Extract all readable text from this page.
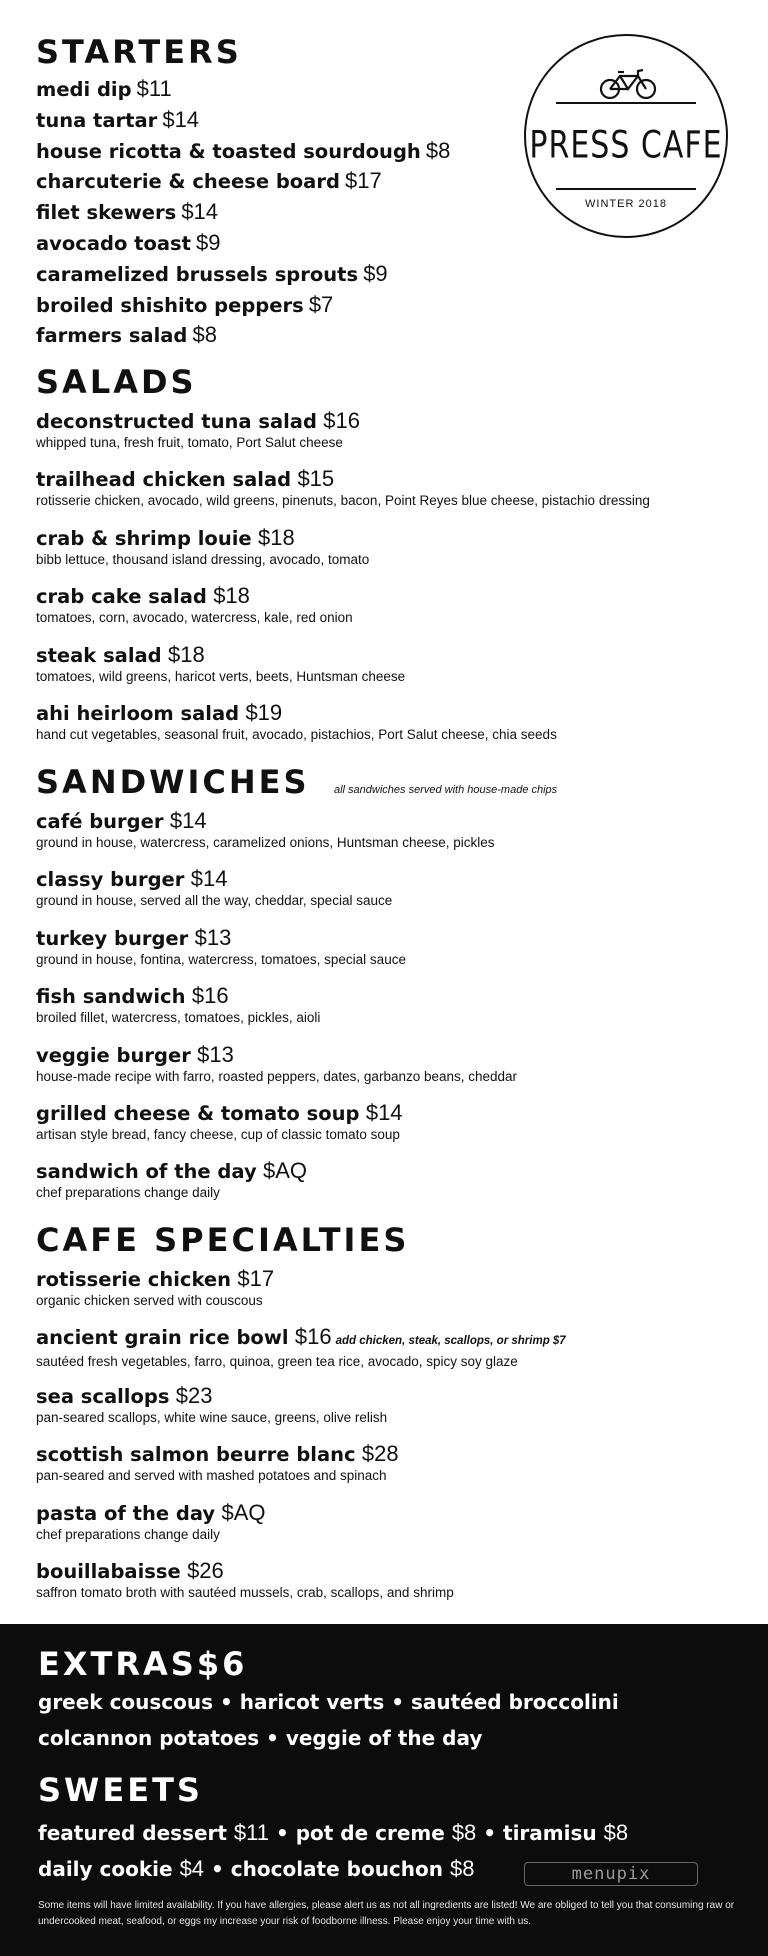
STARTERS
medi dip $11
tuna tartar $14
house ricotta & toasted sourdough $8
charcuterie & cheese board $17
filet skewers $14
avocado toast $9
caramelized brussels sprouts $9
broiled shishito peppers $7
farmers salad $8
PRESS CAFE
WINTER 2018
SALADS
deconstructed tuna salad $16
whipped tuna, fresh fruit, tomato, Port Salut cheese
trailhead chicken salad $15
rotisserie chicken, avocado, wild greens, pinenuts, bacon, Point Reyes blue cheese, pistachio dressing
crab & shrimp louie $18
bibb lettuce, thousand island dressing, avocado, tomato
crab cake salad $18
tomatoes, corn, avocado, watercress, kale, red onion
steak salad $18
tomatoes, wild greens, haricot verts, beets, Huntsman cheese
ahi heirloom salad $19
hand cut vegetables, seasonal fruit, avocado, pistachios, Port Salut cheese, chia seeds
SANDWICHES all sandwiches served with house-made chips
café burger $14
ground in house, watercress, caramelized onions, Huntsman cheese, pickles
classy burger $14
ground in house, served all the way, cheddar, special sauce
turkey burger $13
ground in house, fontina, watercress, tomatoes, special sauce
fish sandwich $16
broiled fillet, watercress, tomatoes, pickles, aioli
veggie burger $13
house-made recipe with farro, roasted peppers, dates, garbanzo beans, cheddar
grilled cheese & tomato soup $14
artisan style bread, fancy cheese, cup of classic tomato soup
sandwich of the day $AQ
chef preparations change daily
CAFE SPECIALTIES
rotisserie chicken $17
organic chicken served with couscous
ancient grain rice bowl $16 add chicken, steak, scallops, or shrimp $7
sautéed fresh vegetables, farro, quinoa, green tea rice, avocado, spicy soy glaze
sea scallops $23
pan-seared scallops, white wine sauce, greens, olive relish
scottish salmon beurre blanc $28
pan-seared and served with mashed potatoes and spinach
pasta of the day $AQ
chef preparations change daily
bouillabaisse $26
saffron tomato broth with sautéed mussels, crab, scallops, and shrimp
EXTRAS$6
greek couscous • haricot verts • sautéed broccolini
colcannon potatoes • veggie of the day
SWEETS
featured dessert $11 • pot de creme $8 • tiramisu $8
daily cookie $4 • chocolate bouchon $8	menupix
Some items will have limited availability. If you have allergies, please alert us as not all ingredients are listed! We are obliged to tell you that consuming raw or undercooked meat, seafood, or eggs my increase your risk of foodborne illness. Please enjoy your time with us.
